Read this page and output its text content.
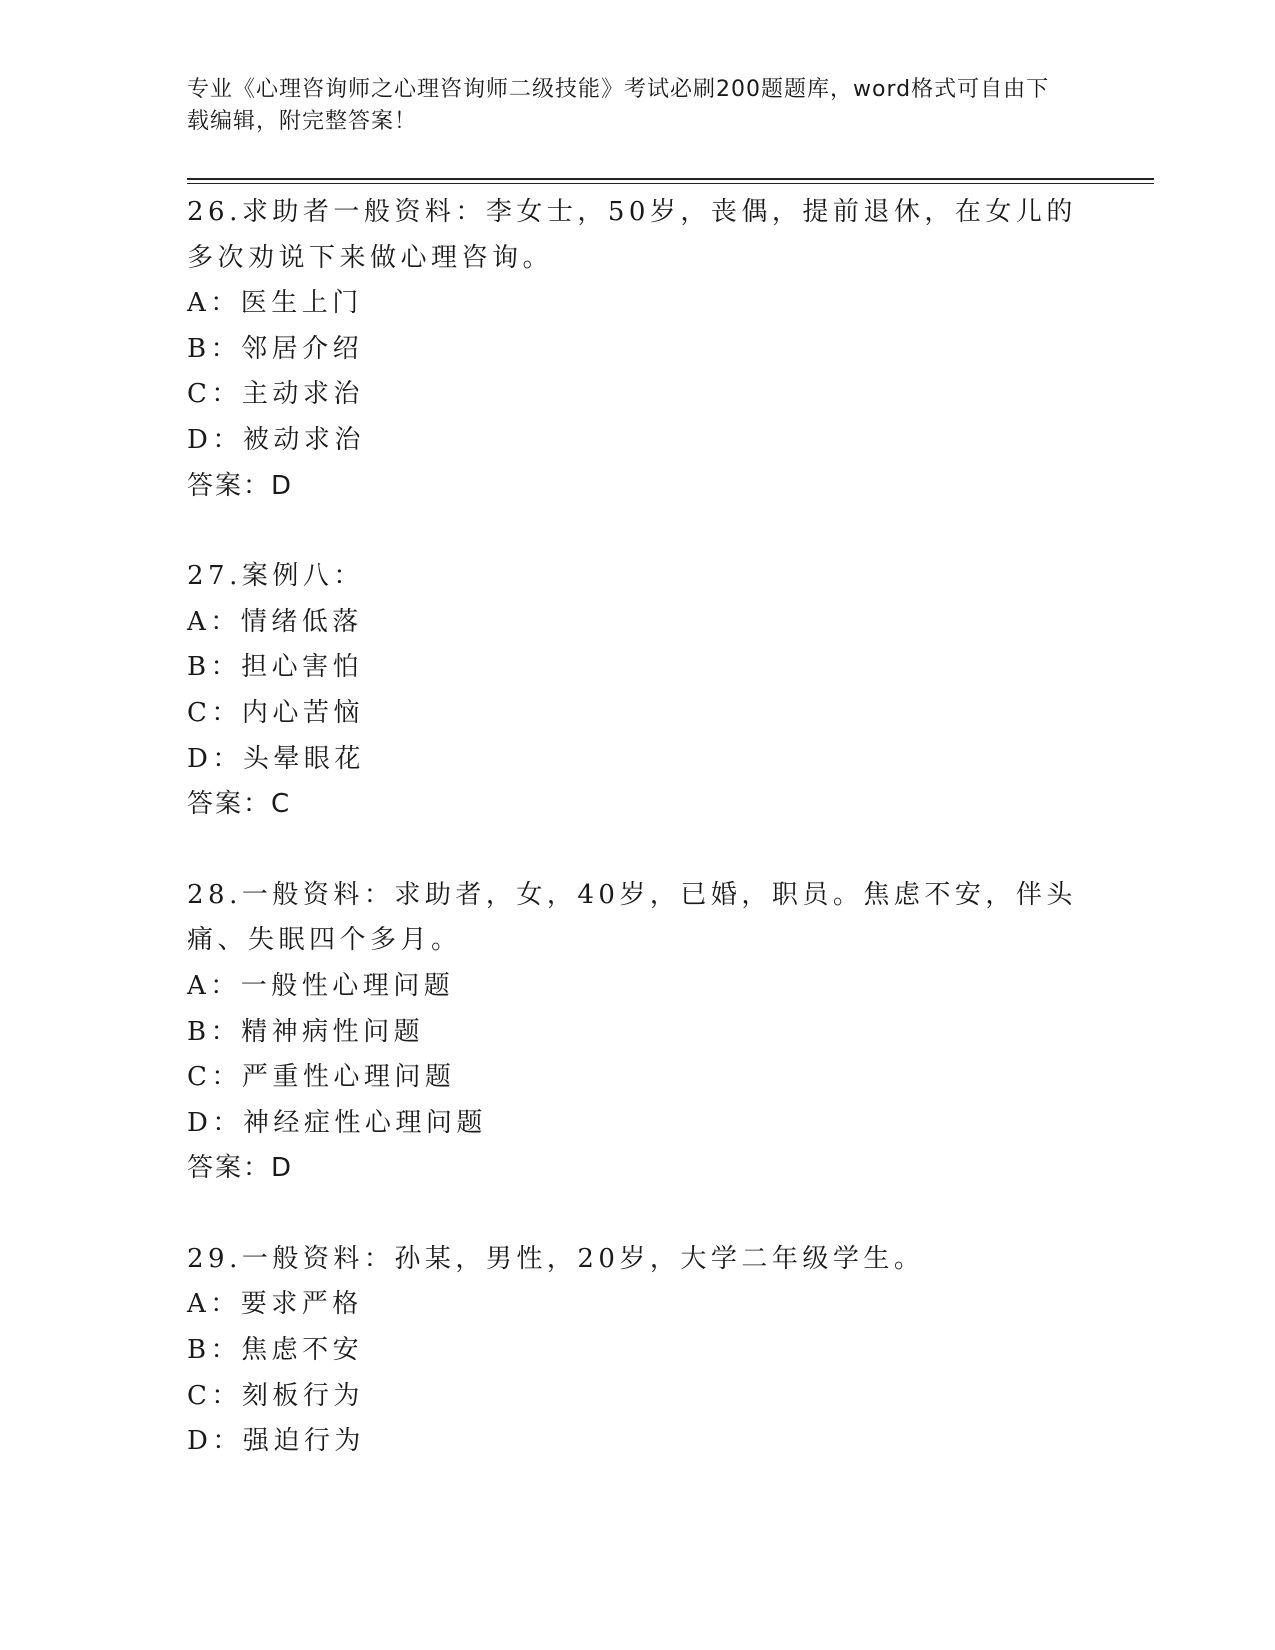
专业《心理咨询师之心理咨询师二级技能》考试必刷200题题库，word格式可自由下载编辑，附完整答案！
26.求助者一般资料：李女士，50岁，丧偶，提前退休，在女儿的多次劝说下来做心理咨询。
A：医生上门
B：邻居介绍
C：主动求治
D：被动求治
答案：D
27.案例八：
A：情绪低落
B：担心害怕
C：内心苦恼
D：头晕眼花
答案：C
28.一般资料：求助者，女，40岁，已婚，职员。焦虑不安，伴头痛、失眠四个多月。
A：一般性心理问题
B：精神病性问题
C：严重性心理问题
D：神经症性心理问题
答案：D
29.一般资料：孙某，男性，20岁，大学二年级学生。
A：要求严格
B：焦虑不安
C：刻板行为
D：强迫行为
